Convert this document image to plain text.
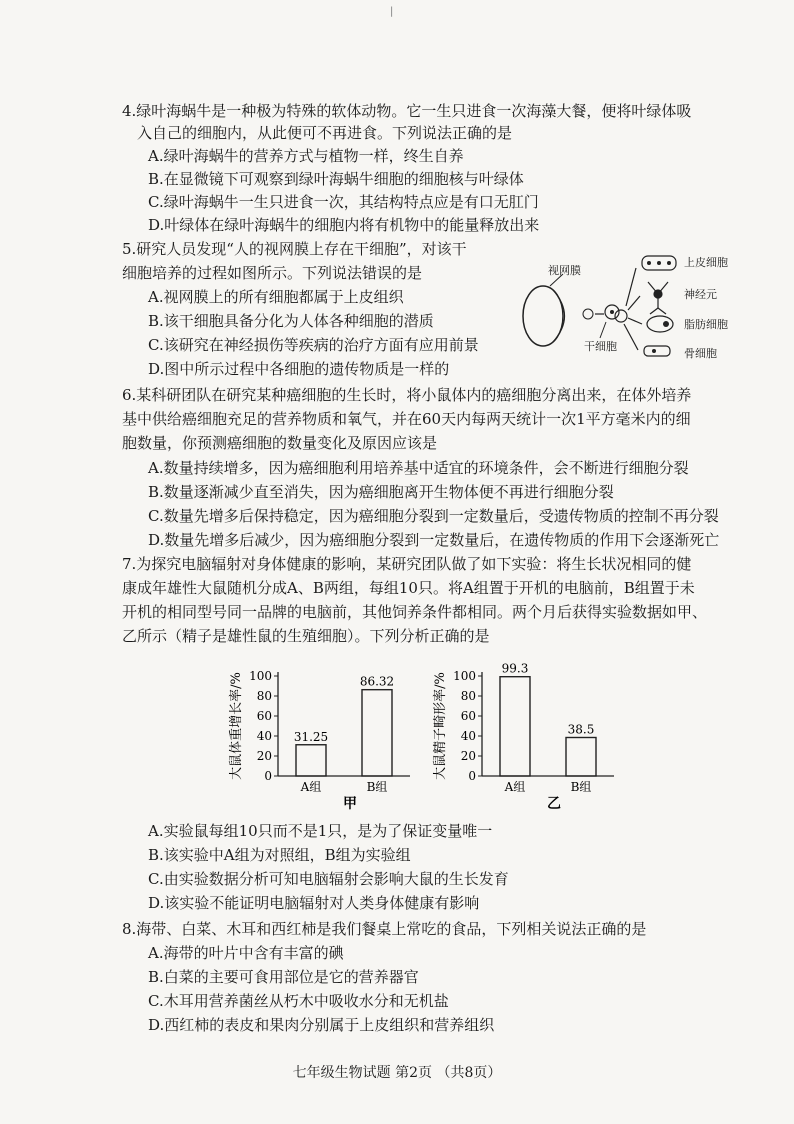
|
4.绿叶海蜗牛是一种极为特殊的软体动物。它一生只进食一次海藻大餐，便将叶绿体吸
入自己的细胞内，从此便可不再进食。下列说法正确的是
A.绿叶海蜗牛的营养方式与植物一样，终生自养
B.在显微镜下可观察到绿叶海蜗牛细胞的细胞核与叶绿体
C.绿叶海蜗牛一生只进食一次，其结构特点应是有口无肛门
D.叶绿体在绿叶海蜗牛的细胞内将有机物中的能量释放出来
5.研究人员发现“人的视网膜上存在干细胞”，对该干
细胞培养的过程如图所示。下列说法错误的是
A.视网膜上的所有细胞都属于上皮组织
B.该干细胞具备分化为人体各种细胞的潜质
C.该研究在神经损伤等疾病的治疗方面有应用前景
D.图中所示过程中各细胞的遗传物质是一样的
视网膜
干细胞
上皮细胞
神经元
脂肪细胞
骨细胞
6.某科研团队在研究某种癌细胞的生长时，将小鼠体内的癌细胞分离出来，在体外培养
基中供给癌细胞充足的营养物质和氧气，并在60天内每两天统计一次1平方毫米内的细
胞数量，你预测癌细胞的数量变化及原因应该是
A.数量持续增多，因为癌细胞利用培养基中适宜的环境条件，会不断进行细胞分裂
B.数量逐渐减少直至消失，因为癌细胞离开生物体便不再进行细胞分裂
C.数量先增多后保持稳定，因为癌细胞分裂到一定数量后，受遗传物质的控制不再分裂
D.数量先增多后减少，因为癌细胞分裂到一定数量后，在遗传物质的作用下会逐渐死亡
7.为探究电脑辐射对身体健康的影响，某研究团队做了如下实验：将生长状况相同的健
康成年雄性大鼠随机分成A、B两组，每组10只。将A组置于开机的电脑前，B组置于未
开机的相同型号同一品牌的电脑前，其他饲养条件都相同。两个月后获得实验数据如甲、
乙所示（精子是雄性鼠的生殖细胞）。下列分析正确的是
大鼠体重增长率/% 0
20
40
60
80
100
31.25
A组
86.32
B组
甲
大鼠精子畸形率/% 0
20
40
60
80
100
99.3
A组
38.5
B组
乙
A.实验鼠每组10只而不是1只，是为了保证变量唯一
B.该实验中A组为对照组，B组为实验组
C.由实验数据分析可知电脑辐射会影响大鼠的生长发育
D.该实验不能证明电脑辐射对人类身体健康有影响
8.海带、白菜、木耳和西红柿是我们餐桌上常吃的食品，下列相关说法正确的是
A.海带的叶片中含有丰富的碘
B.白菜的主要可食用部位是它的营养器官
C.木耳用营养菌丝从朽木中吸收水分和无机盐
D.西红柿的表皮和果肉分别属于上皮组织和营养组织
七年级生物试题 第2页 （共8页）
